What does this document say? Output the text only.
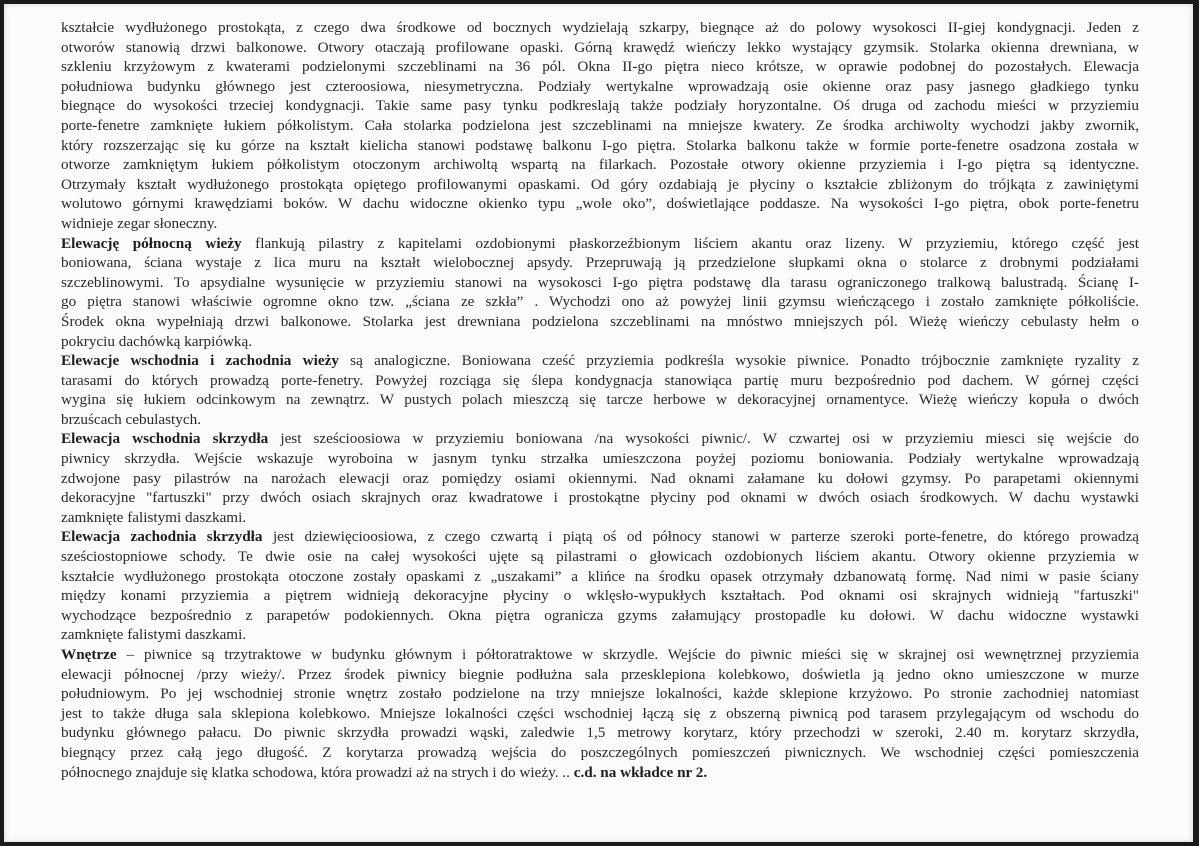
kształcie wydłużonego prostokąta, z czego dwa środkowe od bocznych wydzielają szkarpy, biegnące aż do polowy wysokosci II-giej kondygnacji. Jeden z
otworów stanowią drzwi balkonowe. Otwory otaczają profilowane opaski. Górną krawędź wieńczy lekko wystający gzymsik. Stolarka okienna drewniana, w
szkleniu krzyżowym z kwaterami podzielonymi szczeblinami na 36 pól. Okna II-go piętra nieco krótsze, w oprawie podobnej do pozostałych. Elewacja
południowa budynku głównego jest czteroosiowa, niesymetryczna. Podziały wertykalne wprowadzają osie okienne oraz pasy jasnego gładkiego tynku
biegnące do wysokości trzeciej kondygnacji. Takie same pasy tynku podkreslają także podziały horyzontalne. Oś druga od zachodu mieści w przyziemiu
porte-fenetre zamknięte łukiem półkolistym. Cała stolarka podzielona jest szczeblinami na mniejsze kwatery. Ze środka archiwolty wychodzi jakby zwornik,
który rozszerzając się ku górze na kształt kielicha stanowi podstawę balkonu I-go piętra. Stolarka balkonu także w formie porte-fenetre osadzona została w
otworze zamkniętym łukiem półkolistym otoczonym archiwoltą wspartą na filarkach. Pozostałe otwory okienne przyziemia i I-go piętra są identyczne.
Otrzymały kształt wydłużonego prostokąta opiętego profilowanymi opaskami. Od góry ozdabiają je płyciny o kształcie zbliżonym do trójkąta z zawiniętymi
wolutowo górnymi krawędziami boków. W dachu widoczne okienko typu „wole oko”, doświetlające poddasze. Na wysokości I-go piętra, obok porte-fenetru
widnieje zegar słoneczny.
Elewację północną wieży flankują pilastry z kapitelami ozdobionymi płaskorzeźbionym liściem akantu oraz lizeny. W przyziemiu, którego część jest
boniowana, ściana wystaje z lica muru na kształt wielobocznej apsydy. Przepruwają ją przedzielone słupkami okna o stolarce z drobnymi podziałami
szczeblinowymi. To apsydialne wysunięcie w przyziemiu stanowi na wysokosci I-go piętra podstawę dla tarasu ograniczonego tralkową balustradą. Ścianę I-
go piętra stanowi właściwie ogromne okno tzw. „ściana ze szkła” . Wychodzi ono aż powyżej linii gzymsu wieńczącego i zostało zamknięte półkoliście.
Środek okna wypełniają drzwi balkonowe. Stolarka jest drewniana podzielona szczeblinami na mnóstwo mniejszych pól. Wieżę wieńczy cebulasty hełm o
pokryciu dachówką karpiówką.
Elewacje wschodnia i zachodnia wieży są analogiczne. Boniowana cześć przyziemia podkreśla wysokie piwnice. Ponadto trójbocznie zamknięte ryzality z
tarasami do których prowadzą porte-fenetry. Powyżej rozciąga się ślepa kondygnacja stanowiąca partię muru bezpośrednio pod dachem. W górnej części
wygina się łukiem odcinkowym na zewnątrz. W pustych polach mieszczą się tarcze herbowe w dekoracyjnej ornamentyce. Wieżę wieńczy kopuła o dwóch
brzuścach cebulastych.
Elewacja wschodnia skrzydła jest sześcioosiowa w przyziemiu boniowana /na wysokości piwnic/. W czwartej osi w przyziemiu miesci się wejście do
piwnicy skrzydła. Wejście wskazuje wyroboina w jasnym tynku strzałka umieszczona poyżej poziomu boniowania. Podziały wertykalne wprowadzają
zdwojone pasy pilastrów na narożach elewacji oraz pomiędzy osiami okiennymi. Nad oknami załamane ku dołowi gzymsy. Po parapetami okiennymi
dekoracyjne "fartuszki" przy dwóch osiach skrajnych oraz kwadratowe i prostokątne płyciny pod oknami w dwóch osiach środkowych. W dachu wystawki
zamknięte falistymi daszkami.
Elewacja zachodnia skrzydła jest dziewięcioosiowa, z czego czwartą i piątą oś od północy stanowi w parterze szeroki porte-fenetre, do którego prowadzą
sześciostopniowe schody. Te dwie osie na całej wysokości ujęte są pilastrami o głowicach ozdobionych liściem akantu. Otwory okienne przyziemia w
kształcie wydłużonego prostokąta otoczone zostały opaskami z „uszakami” a klińce na środku opasek otrzymały dzbanowatą formę. Nad nimi w pasie ściany
między konami przyziemia a piętrem widnieją dekoracyjne płyciny o wklęsło-wypukłych kształtach. Pod oknami osi skrajnych widnieją "fartuszki"
wychodzące bezpośrednio z parapetów podokiennych. Okna piętra ogranicza gzyms załamujący prostopadle ku dołowi. W dachu widoczne wystawki
zamknięte falistymi daszkami.
Wnętrze – piwnice są trzytraktowe w budynku głównym i półtoratraktowe w skrzydle. Wejście do piwnic mieści się w skrajnej osi wewnętrznej przyziemia
elewacji północnej /przy wieży/. Przez środek piwnicy biegnie podłużna sala przesklepiona kolebkowo, doświetla ją jedno okno umieszczone w murze
południowym. Po jej wschodniej stronie wnętrz zostało podzielone na trzy mniejsze lokalności, każde sklepione krzyżowo. Po stronie zachodniej natomiast
jest to także długa sala sklepiona kolebkowo. Mniejsze lokalności części wschodniej łączą się z obszerną piwnicą pod tarasem przylegającym od wschodu do
budynku głównego pałacu. Do piwnic skrzydła prowadzi wąski, zaledwie 1,5 metrowy korytarz, który przechodzi w szeroki, 2.40 m. korytarz skrzydła,
biegnący przez całą jego długość. Z korytarza prowadzą wejścia do poszczególnych pomieszczeń piwnicznych. We wschodniej części pomieszczenia
północnego znajduje się klatka schodowa, która prowadzi aż na strych i do wieży. .. c.d. na wkładce nr 2.
